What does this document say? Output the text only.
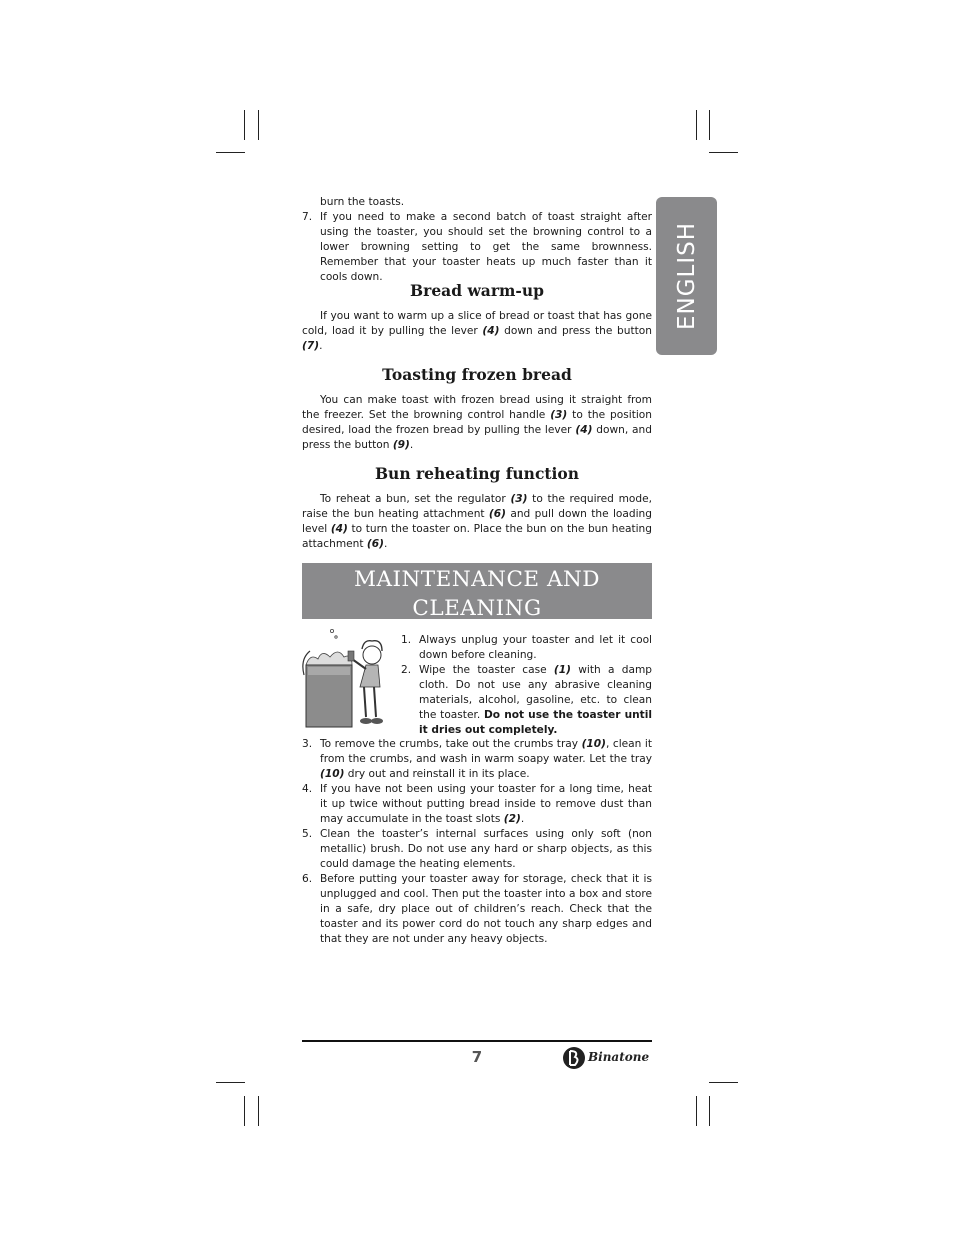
ENGLISH

burn the toasts.

7. If you need to make a second batch of toast straight after using the toaster, you should set the browning control to a lower browning setting to get the same brownness. Remember that your toaster heats up much faster than it cools down.
Bread warm-up

If you want to warm up a slice of bread or toast that has gone cold, load it by pulling the lever (4) down and press the button (7).

Toasting frozen bread

You can make toast with frozen bread using it straight from the freezer. Set the browning control handle (3) to the position desired, load the frozen bread by pulling the lever (4) down, and press the button (9).

Bun reheating function

To reheat a bun, set the regulator (3) to the required mode, raise the bun heating attachment (6) and pull down the loading level (4) to turn the toaster on. Place the bun on the bun heating attachment (6).

MAINTENANCE AND
CLEANING
1. Always unplug your toaster and let it cool down before cleaning.
2. Wipe the toaster case (1) with a damp cloth. Do not use any abrasive cleaning materials, alcohol, gasoline, etc. to clean the toaster. Do not use the toaster until it dries out completely.
3. To remove the crumbs, take out the crumbs tray (10), clean it from the crumbs, and wash in warm soapy water. Let the tray (10) dry out and reinstall it in its place.
4. If you have not been using your toaster for a long time, heat it up twice without putting bread inside to remove dust than may accumulate in the toast slots (2).
5. Clean the toaster’s internal surfaces using only soft (non metallic) brush. Do not use any hard or sharp objects, as this could damage the heating elements.
6. Before putting your toaster away for storage, check that it is unplugged and cool. Then put the toaster into a box and store in a safe, dry place out of children’s reach. Check that the toaster and its power cord do not touch any sharp edges and that they are not under any heavy objects.
7	Binatone
